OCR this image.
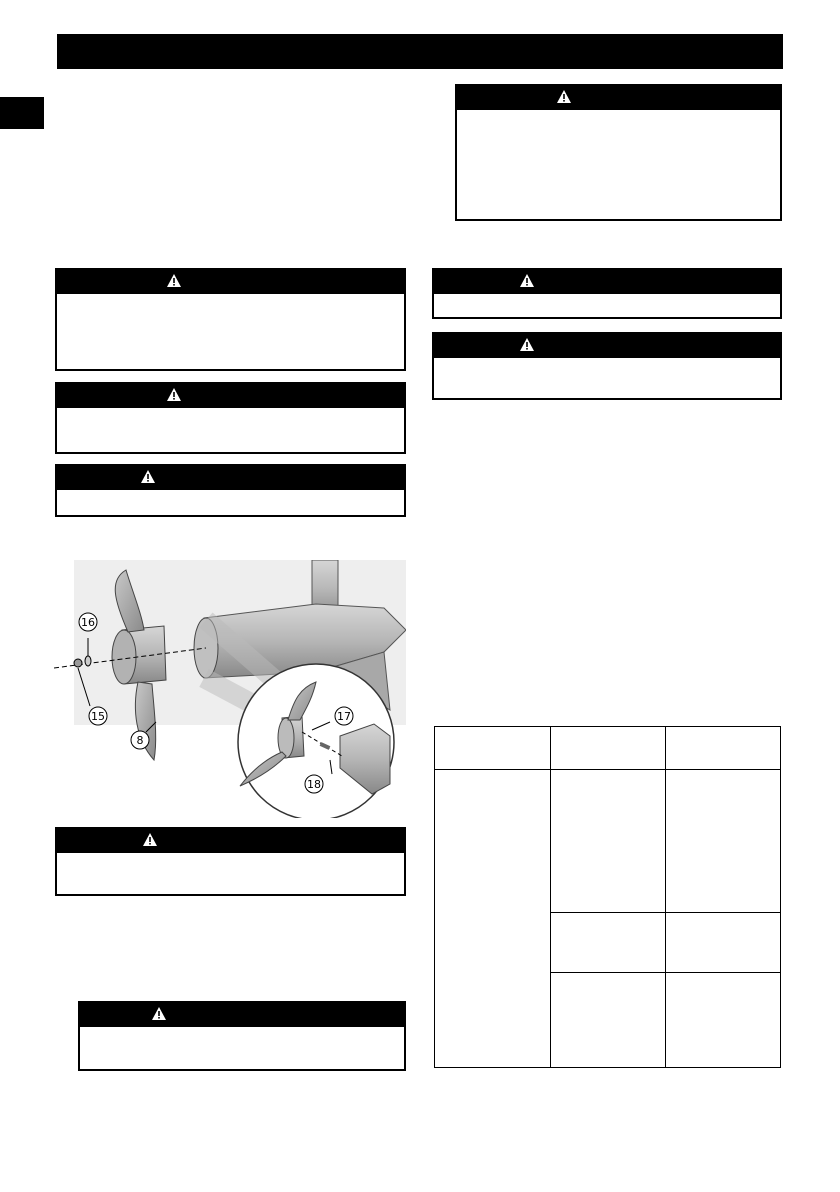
16
15
8
17
18
